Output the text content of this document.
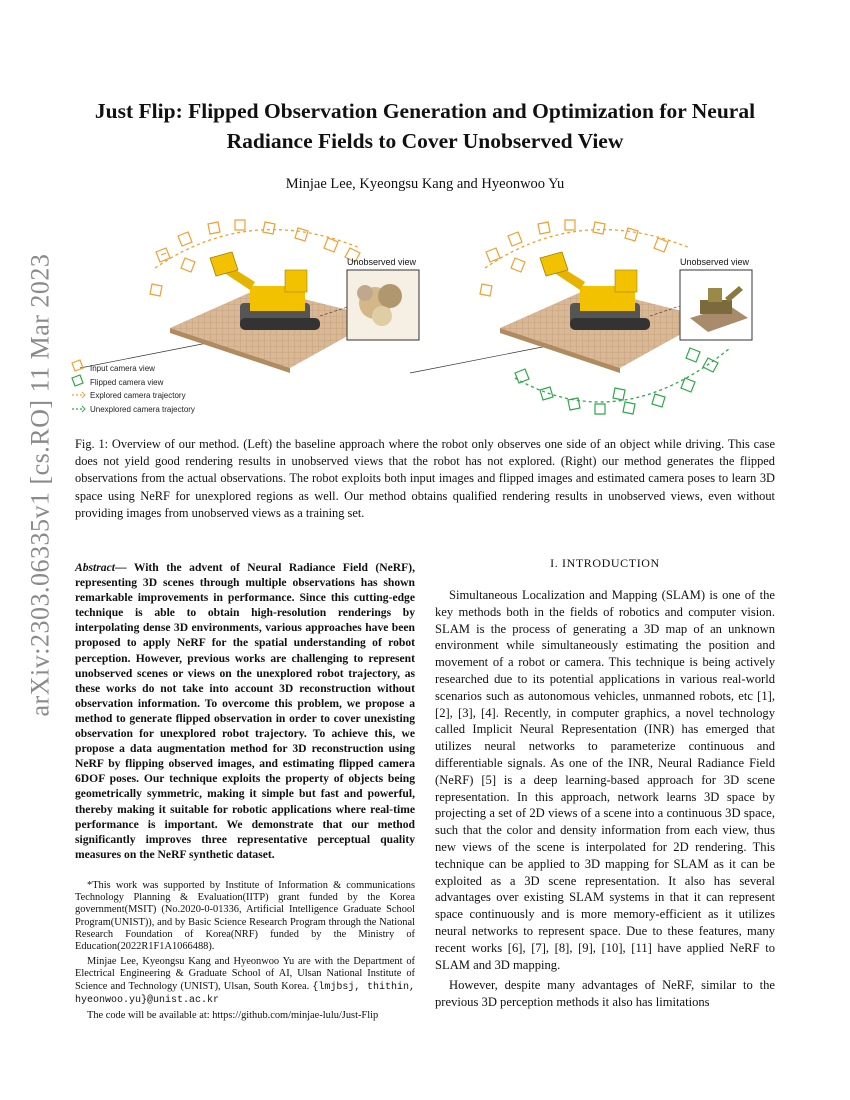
arXiv:2303.06335v1 [cs.RO] 11 Mar 2023
Just Flip: Flipped Observation Generation and Optimization for Neural Radiance Fields to Cover Unobserved View
Minjae Lee, Kyeongsu Kang and Hyeonwoo Yu
Unobserved view
Input camera view
Flipped camera view
Explored camera trajectory
Unexplored camera trajectory
Unobserved view
Fig. 1: Overview of our method. (Left) the baseline approach where the robot only observes one side of an object while driving. This case does not yield good rendering results in unobserved views that the robot has not explored. (Right) our method generates the flipped observations from the actual observations. The robot exploits both input images and flipped images and estimated camera poses to learn 3D space using NeRF for unexplored regions as well. Our method obtains qualified rendering results in unobserved views, even without providing images from unobserved views as a training set.
Abstract— With the advent of Neural Radiance Field (NeRF), representing 3D scenes through multiple observations has shown remarkable improvements in performance. Since this cutting-edge technique is able to obtain high-resolution renderings by interpolating dense 3D environments, various approaches have been proposed to apply NeRF for the spatial understanding of robot perception. However, previous works are challenging to represent unobserved scenes or views on the unexplored robot trajectory, as these works do not take into account 3D reconstruction without observation information. To overcome this problem, we propose a method to generate flipped observation in order to cover unexisting observation for unexplored robot trajectory. To achieve this, we propose a data augmentation method for 3D reconstruction using NeRF by flipping observed images, and estimating flipped camera 6DOF poses. Our technique exploits the property of objects being geometrically symmetric, making it simple but fast and powerful, thereby making it suitable for robotic applications where real-time performance is important. We demonstrate that our method significantly improves three representative perceptual quality measures on the NeRF synthetic dataset.

*This work was supported by Institute of Information & communications Technology Planning & Evaluation(IITP) grant funded by the Korea government(MSIT) (No.2020-0-01336, Artificial Intelligence Graduate School Program(UNIST)), and by Basic Science Research Program through the National Research Foundation of Korea(NRF) funded by the Ministry of Education(2022R1F1A1066488).

Minjae Lee, Kyeongsu Kang and Hyeonwoo Yu are with the Department of Electrical Engineering & Graduate School of AI, Ulsan National Institute of Science and Technology (UNIST), Ulsan, South Korea. {lmjbsj, thithin, hyeonwoo.yu}@unist.ac.kr

The code will be available at: https://github.com/minjae-lulu/Just-Flip

I. INTRODUCTION

Simultaneous Localization and Mapping (SLAM) is one of the key methods both in the fields of robotics and computer vision. SLAM is the process of generating a 3D map of an unknown environment while simultaneously estimating the position and movement of a robot or camera. This technique is being actively researched due to its potential applications in various real-world scenarios such as autonomous vehicles, unmanned robots, etc [1], [2], [3], [4]. Recently, in computer graphics, a novel technology called Implicit Neural Representation (INR) has emerged that utilizes neural networks to parameterize continuous and differentiable signals. As one of the INR, Neural Radiance Field (NeRF) [5] is a deep learning-based approach for 3D scene representation. In this approach, network learns 3D space by projecting a set of 2D views of a scene into a continuous 3D space, such that the color and density information from each view, thus new views of the scene is interpolated for 2D rendering. This technique can be applied to 3D mapping for SLAM as it can be exploited as a 3D scene representation. It also has several advantages over existing SLAM systems in that it can represent space continuously and is more memory-efficient as it utilizes neural networks to represent space. Due to these features, many recent works [6], [7], [8], [9], [10], [11] have applied NeRF to SLAM and 3D mapping.

However, despite many advantages of NeRF, similar to the previous 3D perception methods it also has limitations
